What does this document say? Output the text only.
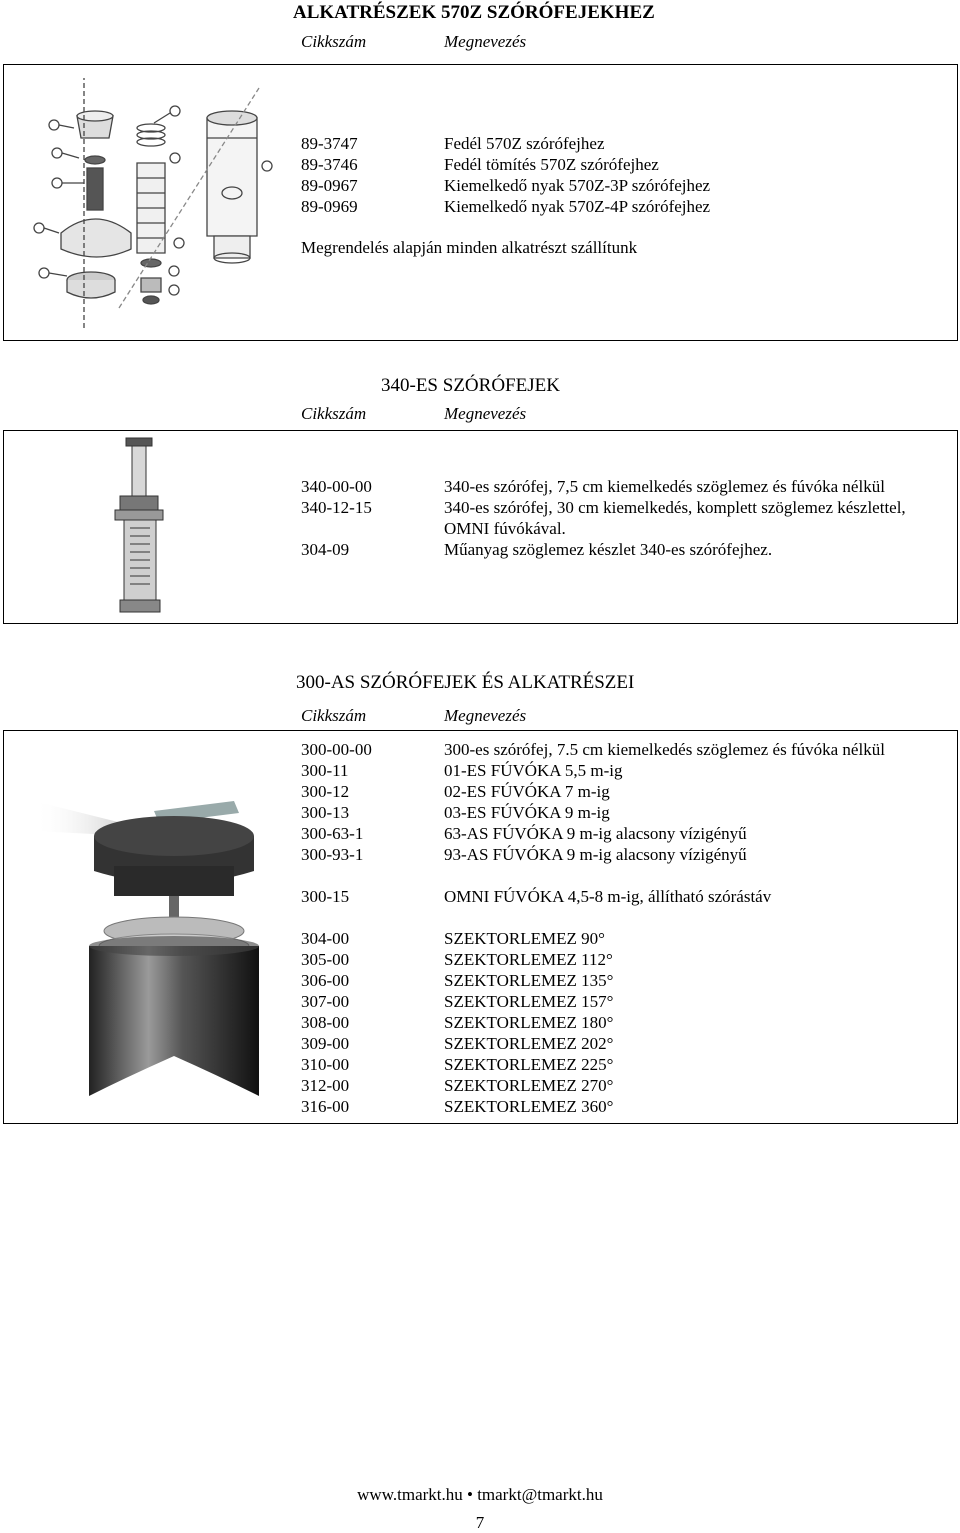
ALKATRÉSZEK 570Z SZÓRÓFEJEKHEZ
Cikkszám	Megnevezés
89-3747	Fedél 570Z szórófejhez
89-3746	Fedél tömítés 570Z szórófejhez
89-0967	Kiemelkedő nyak 570Z-3P szórófejhez
89-0969	Kiemelkedő nyak 570Z-4P szórófejhez
Megrendelés alapján minden alkatrészt szállítunk
340-ES SZÓRÓFEJEK
Cikkszám	Megnevezés
340-00-00	340-es szórófej, 7,5 cm kiemelkedés szöglemez és fúvóka nélkül
340-12-15	340-es szórófej, 30 cm kiemelkedés, komplett szöglemez készlettel,
OMNI fúvókával.
304-09	Műanyag szöglemez készlet 340-es szórófejhez.
300-AS SZÓRÓFEJEK ÉS ALKATRÉSZEI
Cikkszám	Megnevezés
300-00-00	300-es szórófej, 7.5 cm kiemelkedés szöglemez és fúvóka nélkül
300-11	01-ES FÚVÓKA 5,5 m-ig
300-12	02-ES FÚVÓKA 7 m-ig
300-13	03-ES FÚVÓKA 9 m-ig
300-63-1	63-AS FÚVÓKA 9 m-ig alacsony vízigényű
300-93-1	93-AS FÚVÓKA 9 m-ig alacsony vízigényű
300-15	OMNI FÚVÓKA 4,5-8 m-ig, állítható szórástáv
304-00	SZEKTORLEMEZ 90°
305-00	SZEKTORLEMEZ 112°
306-00	SZEKTORLEMEZ 135°
307-00	SZEKTORLEMEZ 157°
308-00	SZEKTORLEMEZ 180°
309-00	SZEKTORLEMEZ 202°
310-00	SZEKTORLEMEZ 225°
312-00	SZEKTORLEMEZ 270°
316-00	SZEKTORLEMEZ 360°
www.tmarkt.hu • tmarkt@tmarkt.hu
7
